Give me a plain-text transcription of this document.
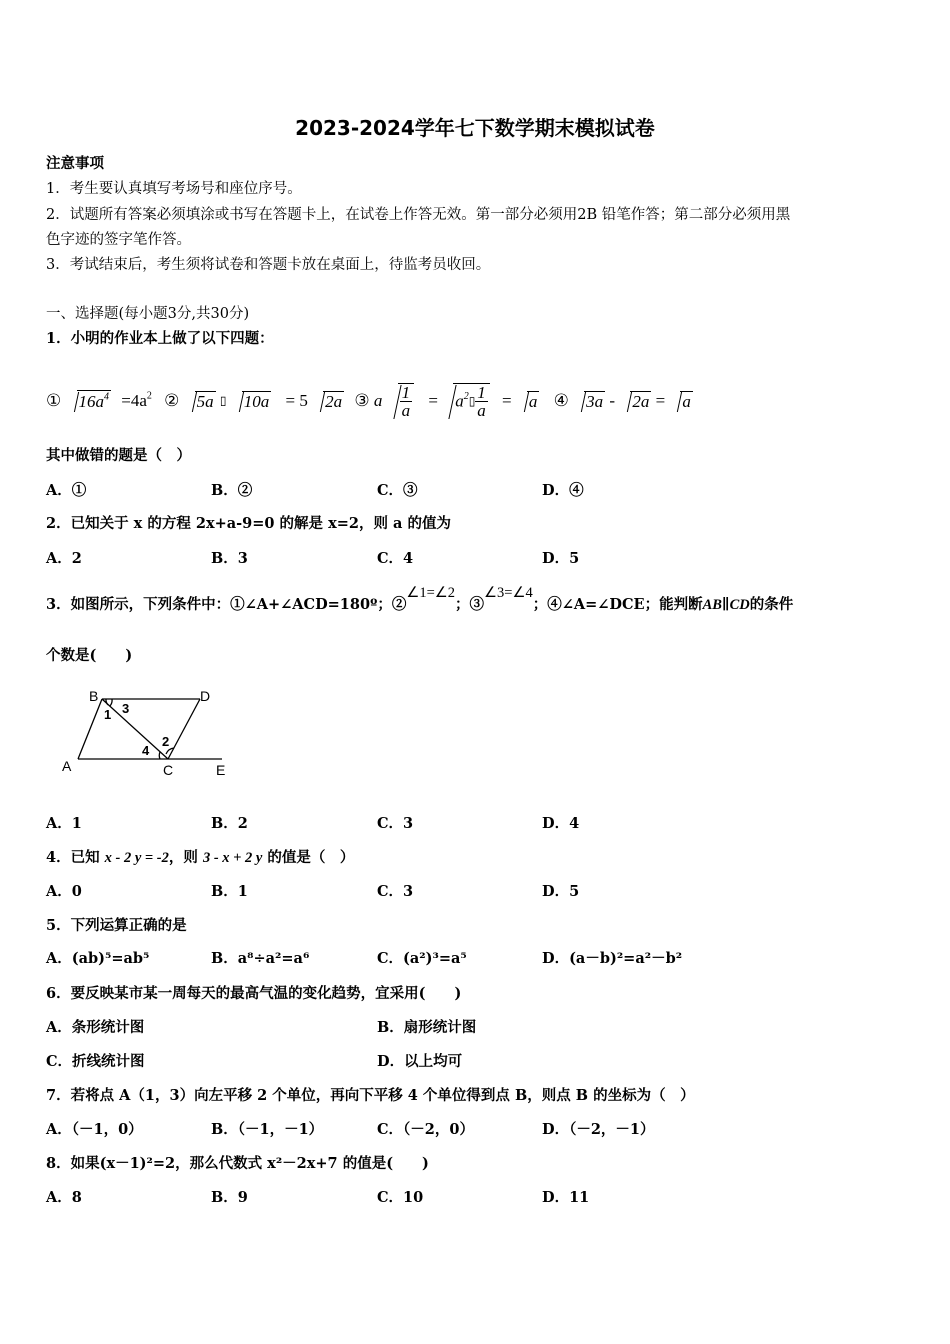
2023-2024学年七下数学期末模拟试卷
注意事项
1．考生要认真填写考场号和座位序号。
2．试题所有答案必须填涂或书写在答题卡上，在试卷上作答无效。第一部分必须用2B 铅笔作答；第二部分必须用黑
色字迹的签字笔作答。
3．考试结束后，考生须将试卷和答题卡放在桌面上，待监考员收回。
一、选择题(每小题3分,共30分)
1．小明的作业本上做了以下四题：
① $16a^4 =4a^2$ ② 5a ▯ 10a = 5 2a ③ a $\frac{1}{a}$ = $a^2▯ \frac{1}{a} = a$ ④ 3a - 2a = a
其中做错的题是（　）
A．①	B．②	C．③	D．④
2．已知关于 x 的方程 2x+a-9=0 的解是 x=2，则 a 的值为
A．2	B．3	C．4	D．5
3．如图所示，下列条件中：①∠A+∠ACD=180º；②∠1=∠2；③∠3=∠4；④∠A=∠DCE；能判断AB∥CD的条件
个数是(　　)
B	D
A	C	E
1 3
4
2
A．1	B．2	C．3	D．4
4．已知 x - 2 y = -2，则 3 - x + 2 y 的值是（　）
A．0	B．1	C．3	D．5
5．下列运算正确的是
A．(ab)⁵=ab⁵	B．a⁸÷a²=a⁶	C．(a²)³=a⁵	D．(a－b)²=a²－b²
6．要反映某市某一周每天的最高气温的变化趋势，宜采用(　　)
A．条形统计图	B．扇形统计图
C．折线统计图	D．以上均可
7．若将点 A（1，3）向左平移 2 个单位，再向下平移 4 个单位得到点 B，则点 B 的坐标为（　）
A．（－1，0）	B．（－1，－1）	C．（－2，0）	D．（－2，－1）
8．如果(x－1)²=2，那么代数式 x²－2x+7 的值是(　　)
A．8	B．9	C．10	D．11
